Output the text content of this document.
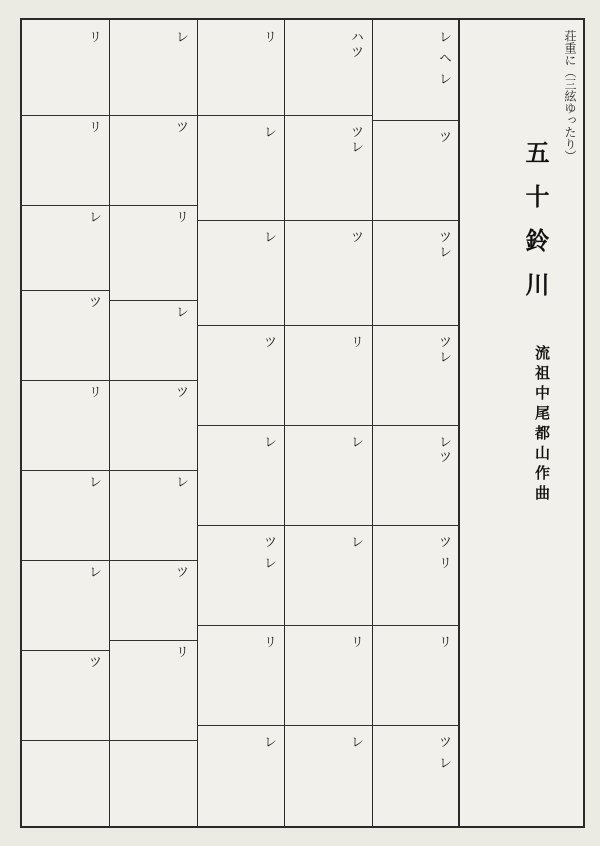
レ ヘ レ
ツ
ツレ
ツレ
レツ
ツ リ
リ
ツ レ
ハツ
ツレ
ツ
リ
レ
レ
リ
レ
リ
レ
レ
ツ
レ
ツ レ
リ
レ
レ
ツ
リ
レ
ツ
レ
ツ
リ
リ
リ
レ
ツ
リ
レ
レ
ツ
荘重に（三絃ゆったり）
五十鈴川
流祖中尾都山作曲
